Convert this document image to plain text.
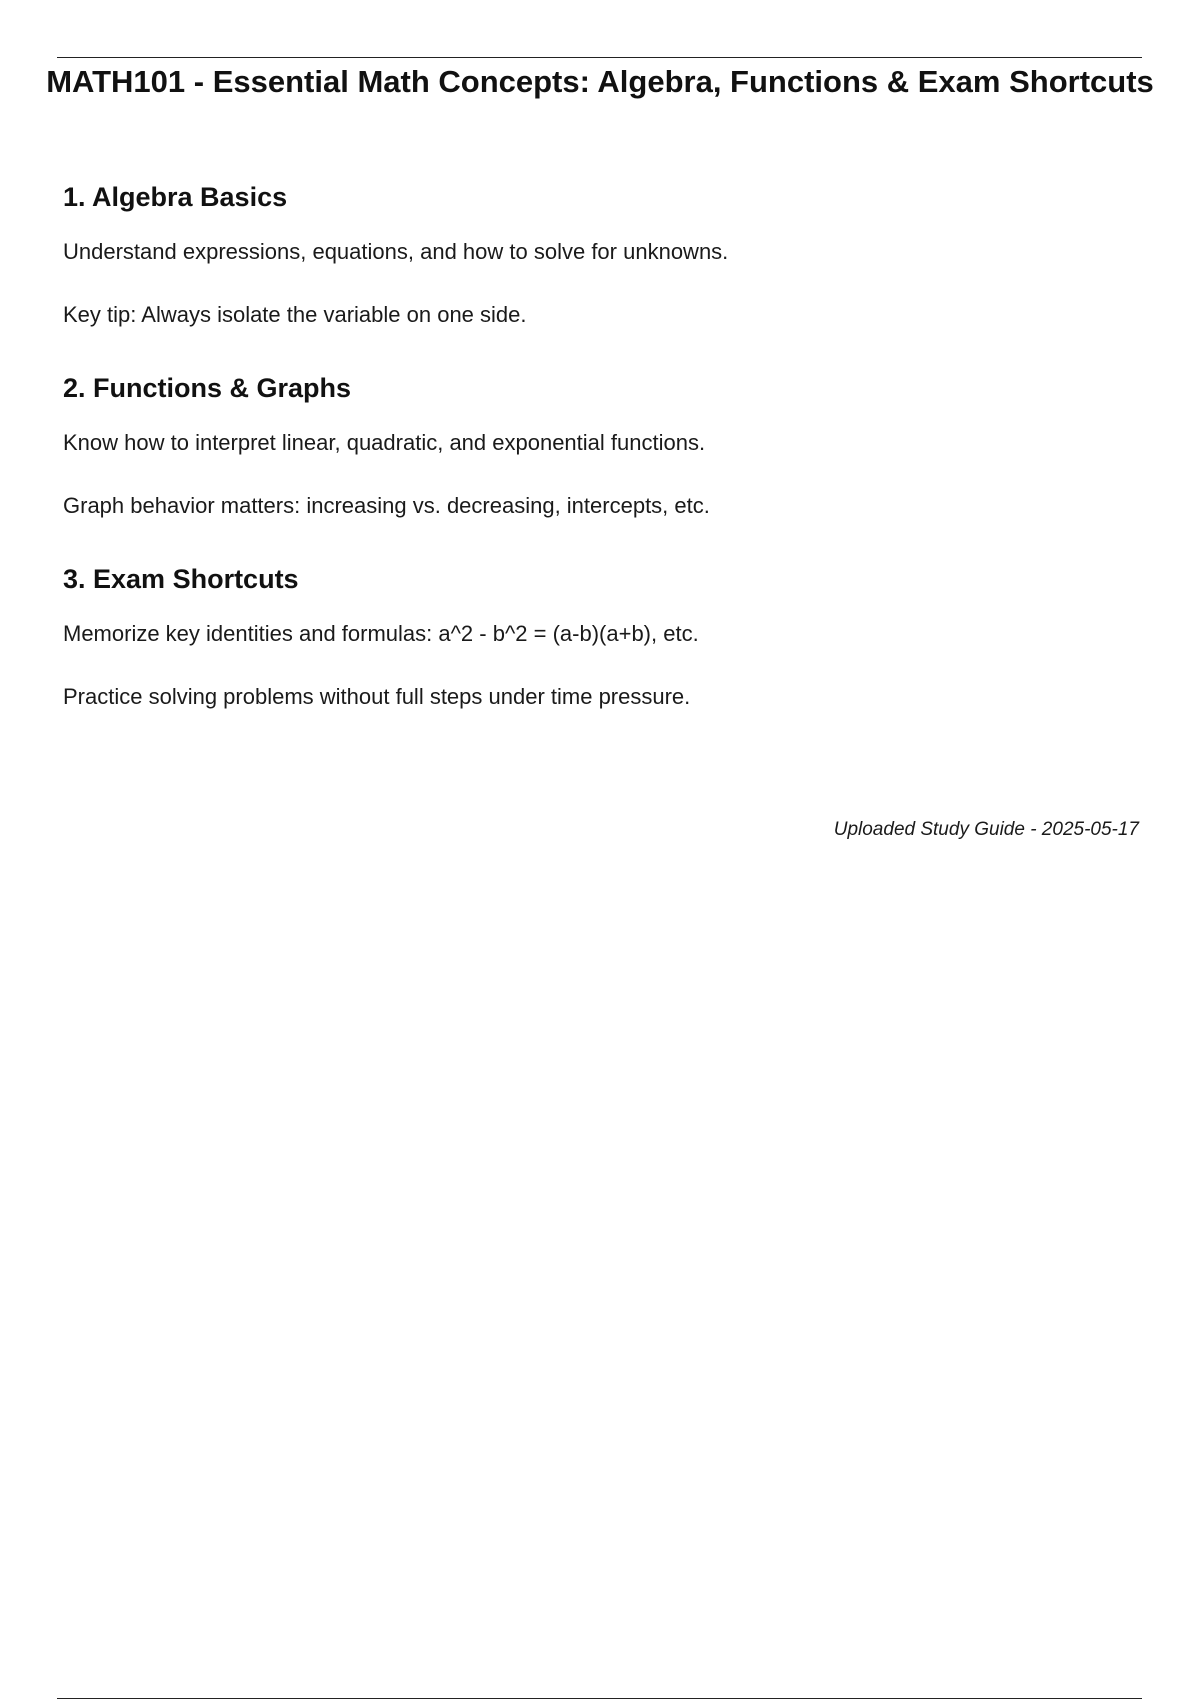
MATH101 - Essential Math Concepts: Algebra, Functions & Exam Shortcuts
1. Algebra Basics

Understand expressions, equations, and how to solve for unknowns.

Key tip: Always isolate the variable on one side.

2. Functions & Graphs

Know how to interpret linear, quadratic, and exponential functions.

Graph behavior matters: increasing vs. decreasing, intercepts, etc.

3. Exam Shortcuts

Memorize key identities and formulas: a^2 - b^2 = (a-b)(a+b), etc.

Practice solving problems without full steps under time pressure.

Uploaded Study Guide - 2025-05-17
